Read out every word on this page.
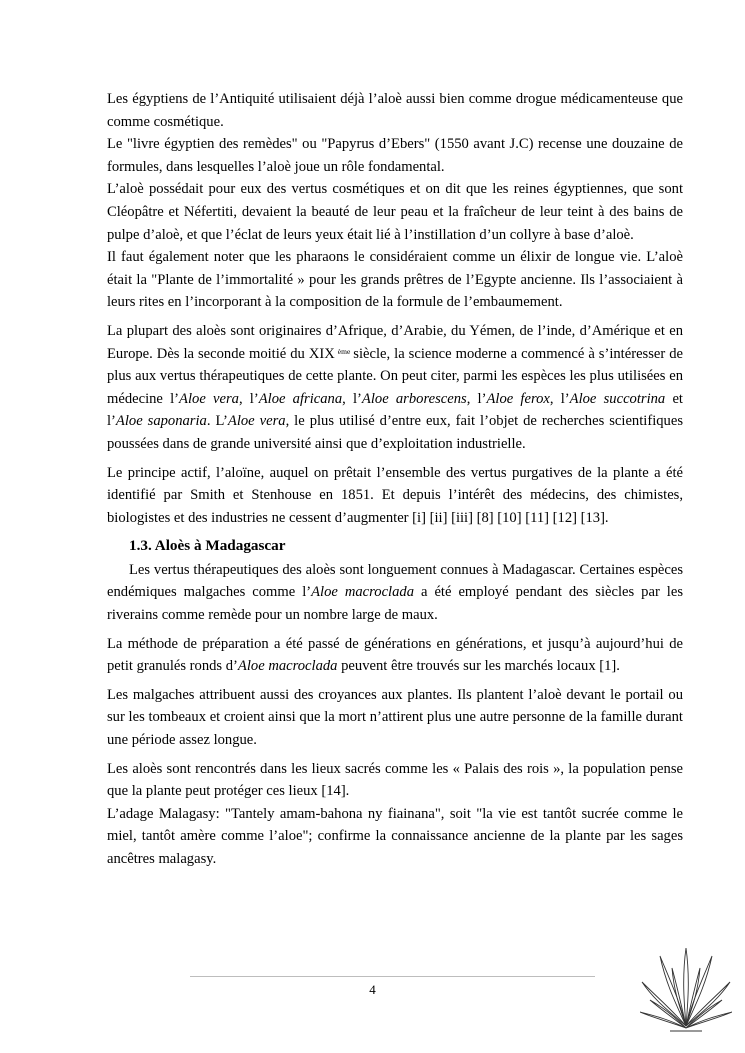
Les égyptiens de l’Antiquité utilisaient déjà l’aloè aussi bien comme drogue médicamenteuse que comme cosmétique.

Le "livre égyptien des remèdes" ou "Papyrus d’Ebers" (1550 avant J.C) recense une douzaine de formules, dans lesquelles l’aloè joue un rôle fondamental.

L’aloè possédait pour eux des vertus cosmétiques et on dit que les reines égyptiennes, que sont Cléopâtre et Néfertiti, devaient la beauté de leur peau et la fraîcheur de leur teint à des bains de pulpe d’aloè, et que l’éclat de leurs yeux était lié à l’instillation d’un collyre à base d’aloè.

Il faut également noter que les pharaons le considéraient comme un élixir de longue vie. L’aloè était la "Plante de l’immortalité » pour les grands prêtres de l’Egypte ancienne. Ils l’associaient à leurs rites en l’incorporant à la composition de la formule de l’embaumement.

La plupart des aloès sont originaires d’Afrique, d’Arabie, du Yémen, de l’inde, d’Amérique et en Europe. Dès la seconde moitié du XIX $^{ème}$ siècle, la science moderne a commencé à s’intéresser de plus aux vertus thérapeutiques de cette plante. On peut citer, parmi les espèces les plus utilisées en médecine l’Aloe vera, l’Aloe africana, l’Aloe arborescens, l’Aloe ferox, l’Aloe succotrina et l’Aloe saponaria. L’Aloe vera, le plus utilisé d’entre eux, fait l’objet de recherches scientifiques poussées dans de grande université ainsi que d’exploitation industrielle.

Le principe actif, l’aloïne, auquel on prêtait l’ensemble des vertus purgatives de la plante a été identifié par Smith et Stenhouse en 1851. Et depuis l’intérêt des médecins, des chimistes, biologistes et des industries ne cessent d’augmenter [i] [ii] [iii] [8] [10] [11] [12] [13].

1.3. Aloès à Madagascar

Les vertus thérapeutiques des aloès sont longuement connues à Madagascar. Certaines espèces endémiques malgaches comme l’Aloe macroclada a été employé pendant des siècles par les riverains comme remède pour un nombre large de maux.

La méthode de préparation a été passé de générations en générations, et jusqu’à aujourd’hui de petit granulés ronds d’Aloe macroclada peuvent être trouvés sur les marchés locaux [1].

Les malgaches attribuent aussi des croyances aux plantes. Ils plantent l’aloè devant le portail ou sur les tombeaux et croient ainsi que la mort n’attirent plus une autre personne de la famille durant une période assez longue.

Les aloès sont rencontrés dans les lieux sacrés comme les « Palais des rois », la population pense que la plante peut protéger ces lieux [14].

L’adage Malagasy: "Tantely amam-bahona ny fiainana", soit "la vie est tantôt sucrée comme le miel, tantôt amère comme l’aloe"; confirme la connaissance ancienne de la plante par les sages ancêtres malagasy.

4
